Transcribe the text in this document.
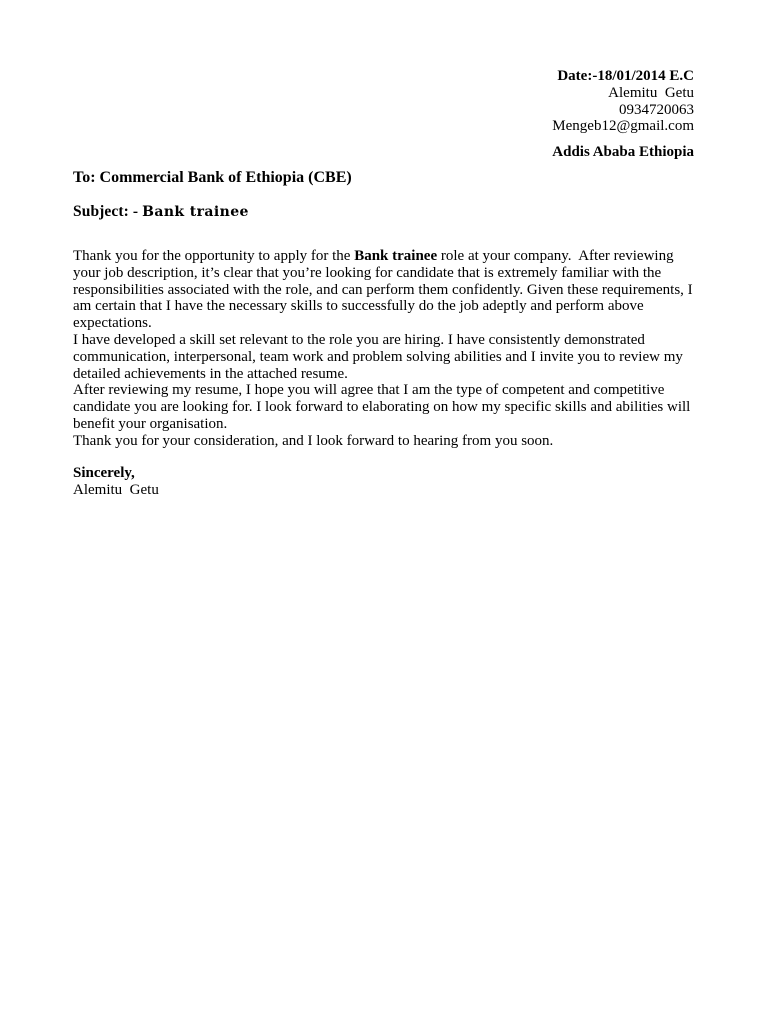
Date:-18/01/2014 E.C
Alemitu  Getu
0934720063
Mengeb12@gmail.com
Addis Ababa Ethiopia
To: Commercial Bank of Ethiopia (CBE)
Subject: - Bank trainee

Thank you for the opportunity to apply for the Bank trainee role at your company.  After reviewing your job description, it’s clear that you’re looking for candidate that is extremely familiar with the responsibilities associated with the role, and can perform them confidently. Given these requirements, I am certain that I have the necessary skills to successfully do the job adeptly and perform above expectations.

I have developed a skill set relevant to the role you are hiring. I have consistently demonstrated communication, interpersonal, team work and problem solving abilities and I invite you to review my detailed achievements in the attached resume.

After reviewing my resume, I hope you will agree that I am the type of competent and competitive candidate you are looking for. I look forward to elaborating on how my specific skills and abilities will benefit your organisation.

Thank you for your consideration, and I look forward to hearing from you soon.

Sincerely,
Alemitu  Getu
